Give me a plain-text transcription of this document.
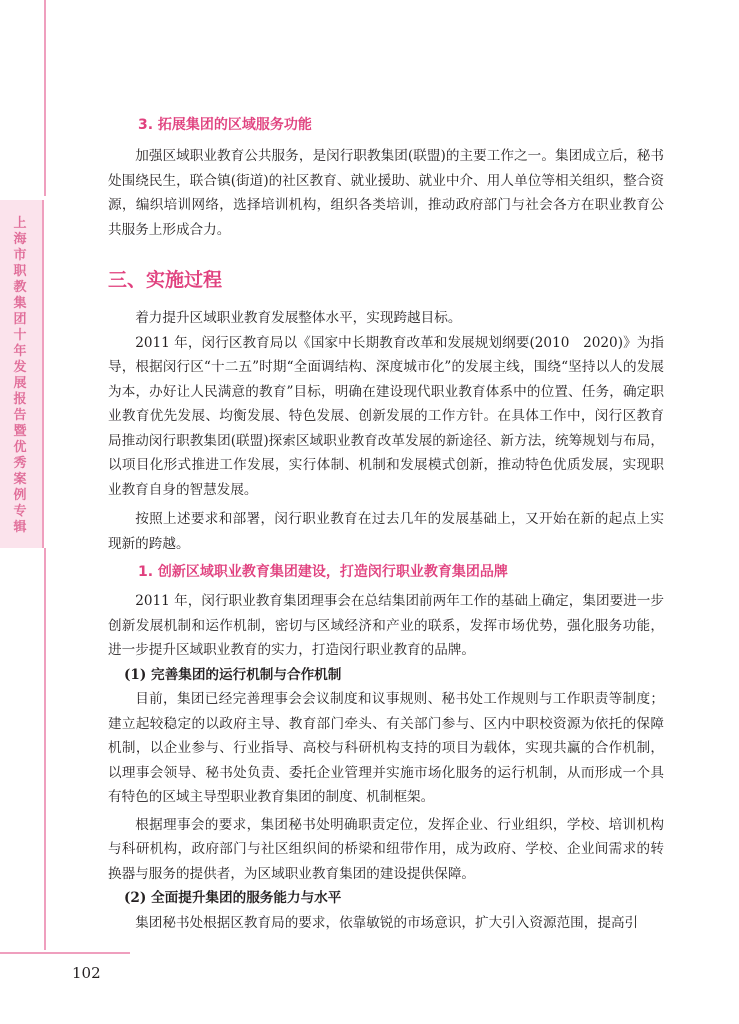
上海市职教集团十年发展报告暨优秀案例专辑
102

3. 拓展集团的区域服务功能

加强区域职业教育公共服务，是闵行职教集团(联盟)的主要工作之一。集团成立后，秘书处围绕民生，联合镇(街道)的社区教育、就业援助、就业中介、用人单位等相关组织，整合资源，编织培训网络，选择培训机构，组织各类培训，推动政府部门与社会各方在职业教育公共服务上形成合力。

三、实施过程

着力提升区域职业教育发展整体水平，实现跨越目标。

2011 年，闵行区教育局以《国家中长期教育改革和发展规划纲要(2010　2020)》为指导，根据闵行区“十二五”时期“全面调结构、深度城市化”的发展主线，围绕“坚持以人的发展为本，办好让人民满意的教育”目标，明确在建设现代职业教育体系中的位置、任务，确定职业教育优先发展、均衡发展、特色发展、创新发展的工作方针。在具体工作中，闵行区教育局推动闵行职教集团(联盟)探索区域职业教育改革发展的新途径、新方法，统筹规划与布局，以项目化形式推进工作发展，实行体制、机制和发展模式创新，推动特色优质发展，实现职业教育自身的智慧发展。

按照上述要求和部署，闵行职业教育在过去几年的发展基础上，又开始在新的起点上实现新的跨越。

1. 创新区域职业教育集团建设，打造闵行职业教育集团品牌

2011 年，闵行职业教育集团理事会在总结集团前两年工作的基础上确定，集团要进一步创新发展机制和运作机制，密切与区域经济和产业的联系，发挥市场优势，强化服务功能，进一步提升区域职业教育的实力，打造闵行职业教育的品牌。

(1) 完善集团的运行机制与合作机制

目前，集团已经完善理事会会议制度和议事规则、秘书处工作规则与工作职责等制度；建立起较稳定的以政府主导、教育部门牵头、有关部门参与、区内中职校资源为依托的保障机制，以企业参与、行业指导、高校与科研机构支持的项目为载体，实现共赢的合作机制，以理事会领导、秘书处负责、委托企业管理并实施市场化服务的运行机制，从而形成一个具有特色的区域主导型职业教育集团的制度、机制框架。

根据理事会的要求，集团秘书处明确职责定位，发挥企业、行业组织，学校、培训机构与科研机构，政府部门与社区组织间的桥梁和纽带作用，成为政府、学校、企业间需求的转换器与服务的提供者，为区域职业教育集团的建设提供保障。

(2) 全面提升集团的服务能力与水平

集团秘书处根据区教育局的要求，依靠敏锐的市场意识，扩大引入资源范围，提高引
